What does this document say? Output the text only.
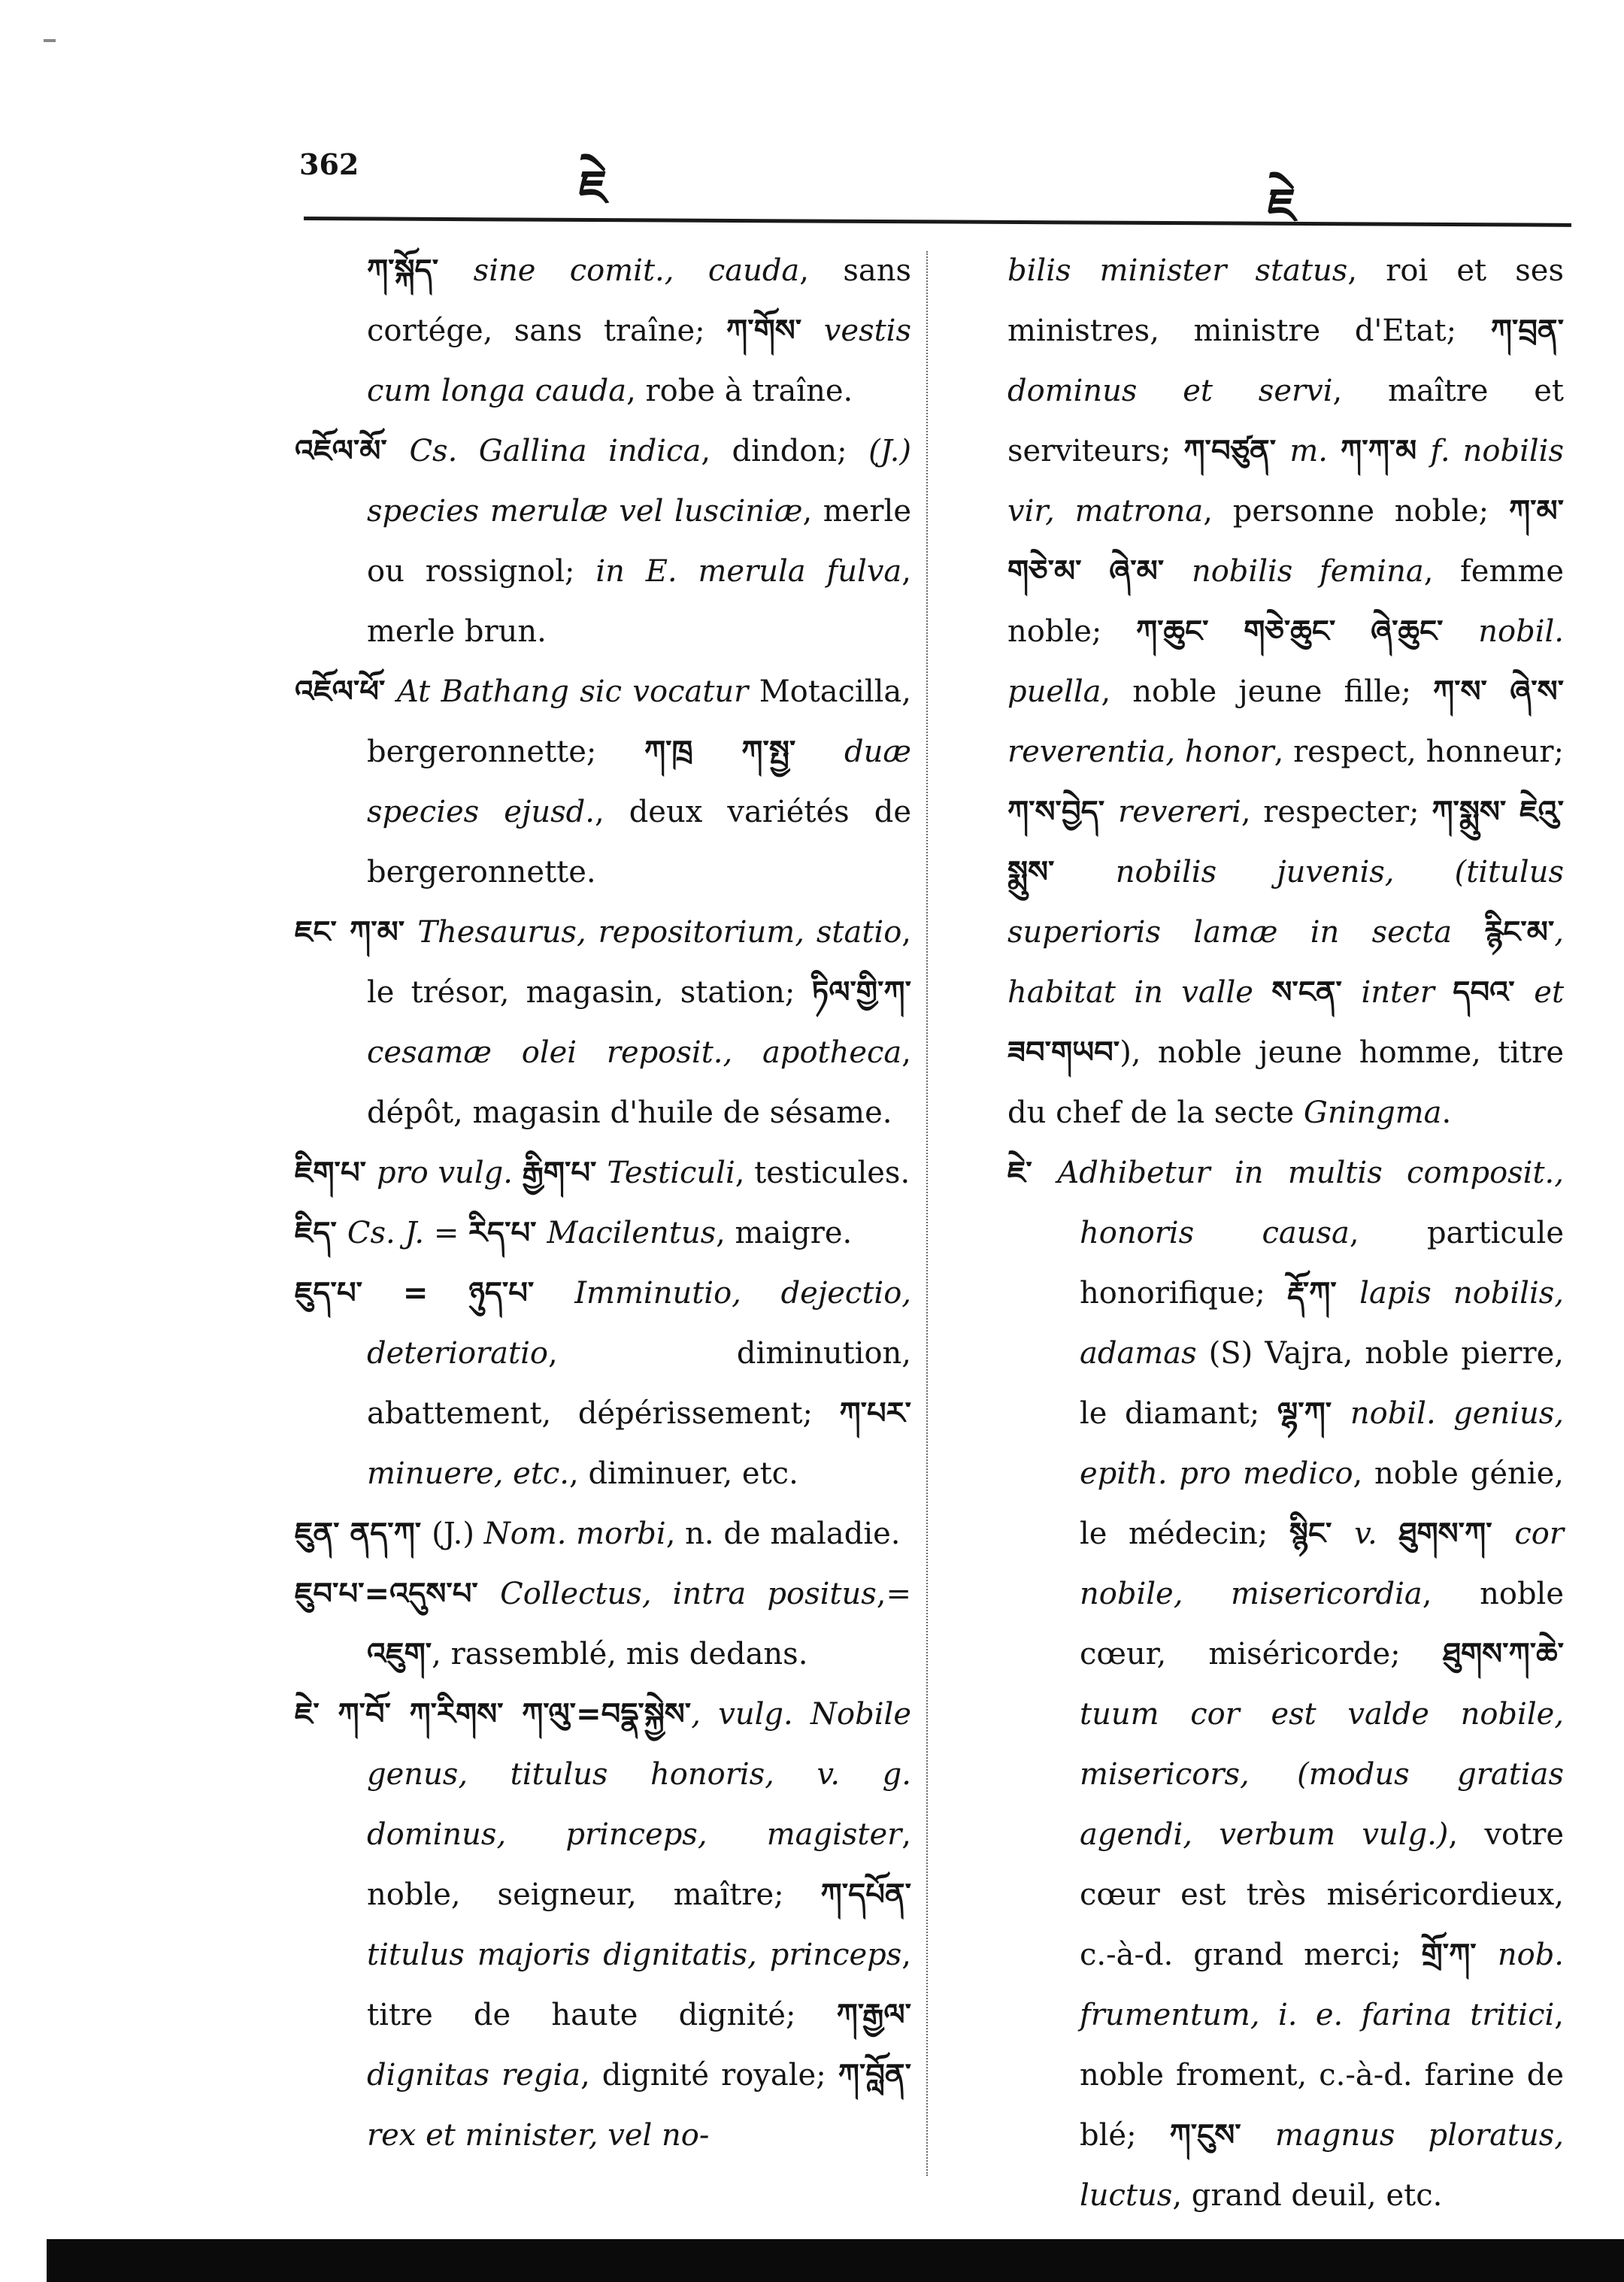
362	ཇེ	ཇེ

ཀ་སྐོད་ sine comit., cauda, sans cortége, sans traîne; ཀ་གོས་ vestis cum longa cauda, robe à traîne.

འཇོལ་མོ་ Cs. Gallina indica, dindon; (J.) species merulæ vel lusciniæ, merle ou rossignol; in E. merula fulva, merle brun.

འཇོལ་ཕོ་ At Bathang sic vocatur Motacilla, bergeronnette; ཀ་ཁྲ ཀ་སྤྱ་ duæ species ejusd., deux variétés de bergeronnette.

ཇང་ ཀ་མ་ Thesaurus, repositorium, statio, le trésor, magasin, station; ཏིལ་གྱི་ཀ་ cesamæ olei reposit., apotheca, dépôt, magasin d'huile de sésame.

ཇིག་པ་ pro vulg. རྒྱིག་པ་ Testiculi, testicules.

ཇིད་ Cs. J. = རིད་པ་ Macilentus, maigre.

ཇུད་པ་ = ཉུད་པ་ Imminutio, dejectio, deterioratio, diminution, abattement, dépérissement; ཀ་པར་ minuere, etc., diminuer, etc.

ཇུན་ ནད་ཀ་ (J.) Nom. morbi, n. de maladie.

ཇུབ་པ་=འདུས་པ་ Collectus, intra positus,= འཇུག་, rassemblé, mis dedans.

ཇེ་ ཀ་བོ་ ཀ་རིགས་ ཀ་ལུ་=བདྣ་སྐྱེས་, vulg. Nobile genus, titulus honoris, v. g. dominus, princeps, magister, noble, seigneur, maître; ཀ་དཔོན་ titulus majoris dignitatis, princeps, titre de haute dignité; ཀ་རྒྱལ་ dignitas regia, dignité royale; ཀ་བློན་ rex et minister, vel no-

bilis minister status, roi et ses ministres, ministre d'Etat; ཀ་བྲན་ dominus et servi, maître et serviteurs; ཀ་བཙུན་ m. ཀ་ཀ་མ f. nobilis vir, matrona, personne noble; ཀ་མ་ གཅེ་མ་ ཞེ་མ་ nobilis femina, femme noble; ཀ་ཆུང་ གཅེ་ཆུང་ ཞེ་ཆུང་ nobil. puella, noble jeune fille; ཀ་ས་ ཞེ་ས་ reverentia, honor, respect, honneur; ཀ་ས་བྱེད་ revereri, respecter; ཀ་སྨུས་ ཇེའུ་སྨུས་ nobilis juvenis, (titulus superioris lamæ in secta རྙིང་མ་, habitat in valle ས་ངན་ inter དབའ་ et ཟབ་གཡབ་), noble jeune homme, titre du chef de la secte Gningma.

ཇེ་ Adhibetur in multis composit., honoris causa, particule honorifique; རྡོ་ཀ་ lapis nobilis, adamas (S) Vajra, noble pierre, le diamant; ལྷ་ཀ་ nobil. genius, epith. pro medico, noble génie, le médecin; སྙིང་ v. ཐུགས་ཀ་ cor nobile, misericordia, noble cœur, miséricorde; ཐུགས་ཀ་ཆེ་ tuum cor est valde nobile, misericors, (modus gratias agendi, verbum vulg.), votre cœur est très miséricordieux, c.-à-d. grand merci; གྲོ་ཀ་ nob. frumentum, i. e. farina tritici, noble froment, c.-à-d. farine de blé; ཀ་ངུས་ magnus ploratus, luctus, grand deuil, etc.
